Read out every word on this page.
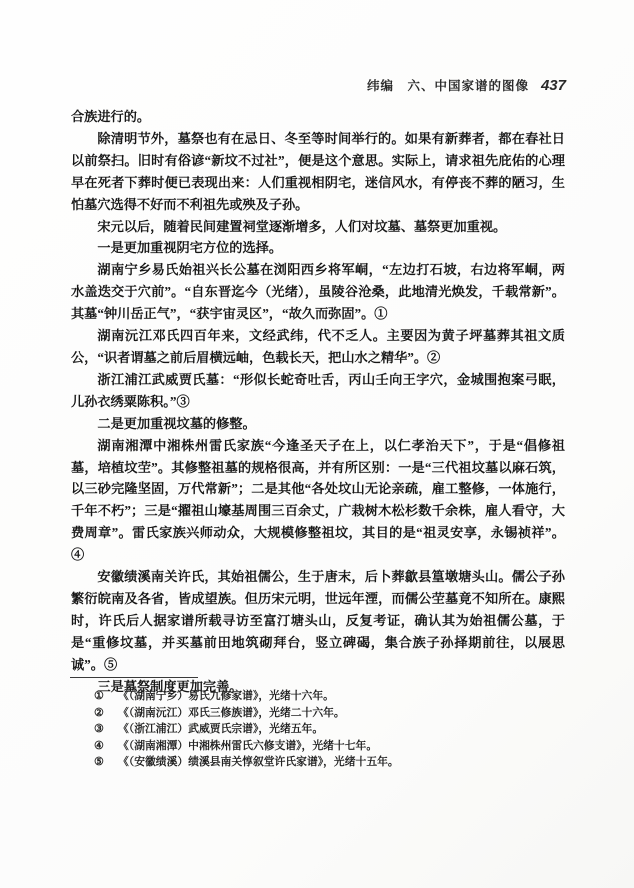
纬编　六、中国家谱的图像 437

合族进行的。

除清明节外，墓祭也有在忌日、冬至等时间举行的。如果有新葬者，都在春社日以前祭扫。旧时有俗谚“新坟不过社”，便是这个意思。实际上，请求祖先庇佑的心理早在死者下葬时便已表现出来：人们重视相阴宅，迷信风水，有停丧不葬的陋习，生怕墓穴选得不好而不利祖先或殃及子孙。

宋元以后，随着民间建置祠堂逐渐增多，人们对坟墓、墓祭更加重视。

一是更加重视阴宅方位的选择。

湖南宁乡易氏始祖兴长公墓在浏阳西乡将军峒，“左边打石坡，右边将军峒，两水盖迭交于穴前”。“自东晋迄今（光绪），虽陵谷沧桑，此地清光焕发，千载常新”。其墓“钟川岳正气”，“获宇宙灵区”，“故久而弥固”。①

湖南沅江邓氏四百年来，文经武纬，代不乏人。主要因为黄子坪墓葬其祖文质公，“识者谓墓之前后眉横远岫，色载长天，把山水之精华”。②

浙江浦江武威贾氏墓：“形似长蛇奇吐舌，丙山壬向王字穴，金城围抱案弓眠，儿孙衣绣粟陈积。”③

二是更加重视坟墓的修整。

湖南湘潭中湘株州雷氏家族“今逢圣天子在上，以仁孝治天下”，于是“倡修祖墓，培植坟茔”。其修整祖墓的规格很高，并有所区别：一是“三代祖坟墓以麻石筑，以三砂完隆坚固，万代常新”；二是其他“各处坟山无论亲疏，雇工整修，一体施行，千年不朽”；三是“擢祖山壕基周围三百余丈，广栽树木松杉数千余株，雇人看守，大费周章”。雷氏家族兴师动众，大规模修整祖坟，其目的是“祖灵安享，永锡祯祥”。④

安徽绩溪南关许氏，其始祖儒公，生于唐末，后卜葬歙县篁墩塘头山。儒公子孙繁衍皖南及各省，皆成望族。但历宋元明，世远年湮，而儒公茔墓竟不知所在。康熙时，许氏后人据家谱所载寻访至富汀塘头山，反复考证，确认其为始祖儒公墓，于是“重修坟墓，并买墓前田地筑砌拜台，竖立碑碣，集合族子孙择期前往，以展思诚”。⑤

三是墓祭制度更加完善。

①	《（湖南宁乡）易氏九修家谱》，光绪十六年。
②	《（湖南沅江）邓氏三修族谱》，光绪二十六年。
③	《（浙江浦江）武威贾氏宗谱》，光绪五年。
④	《（湖南湘潭）中湘株州雷氏六修支谱》，光绪十七年。
⑤	《（安徽绩溪）绩溪县南关惇叙堂许氏家谱》，光绪十五年。
